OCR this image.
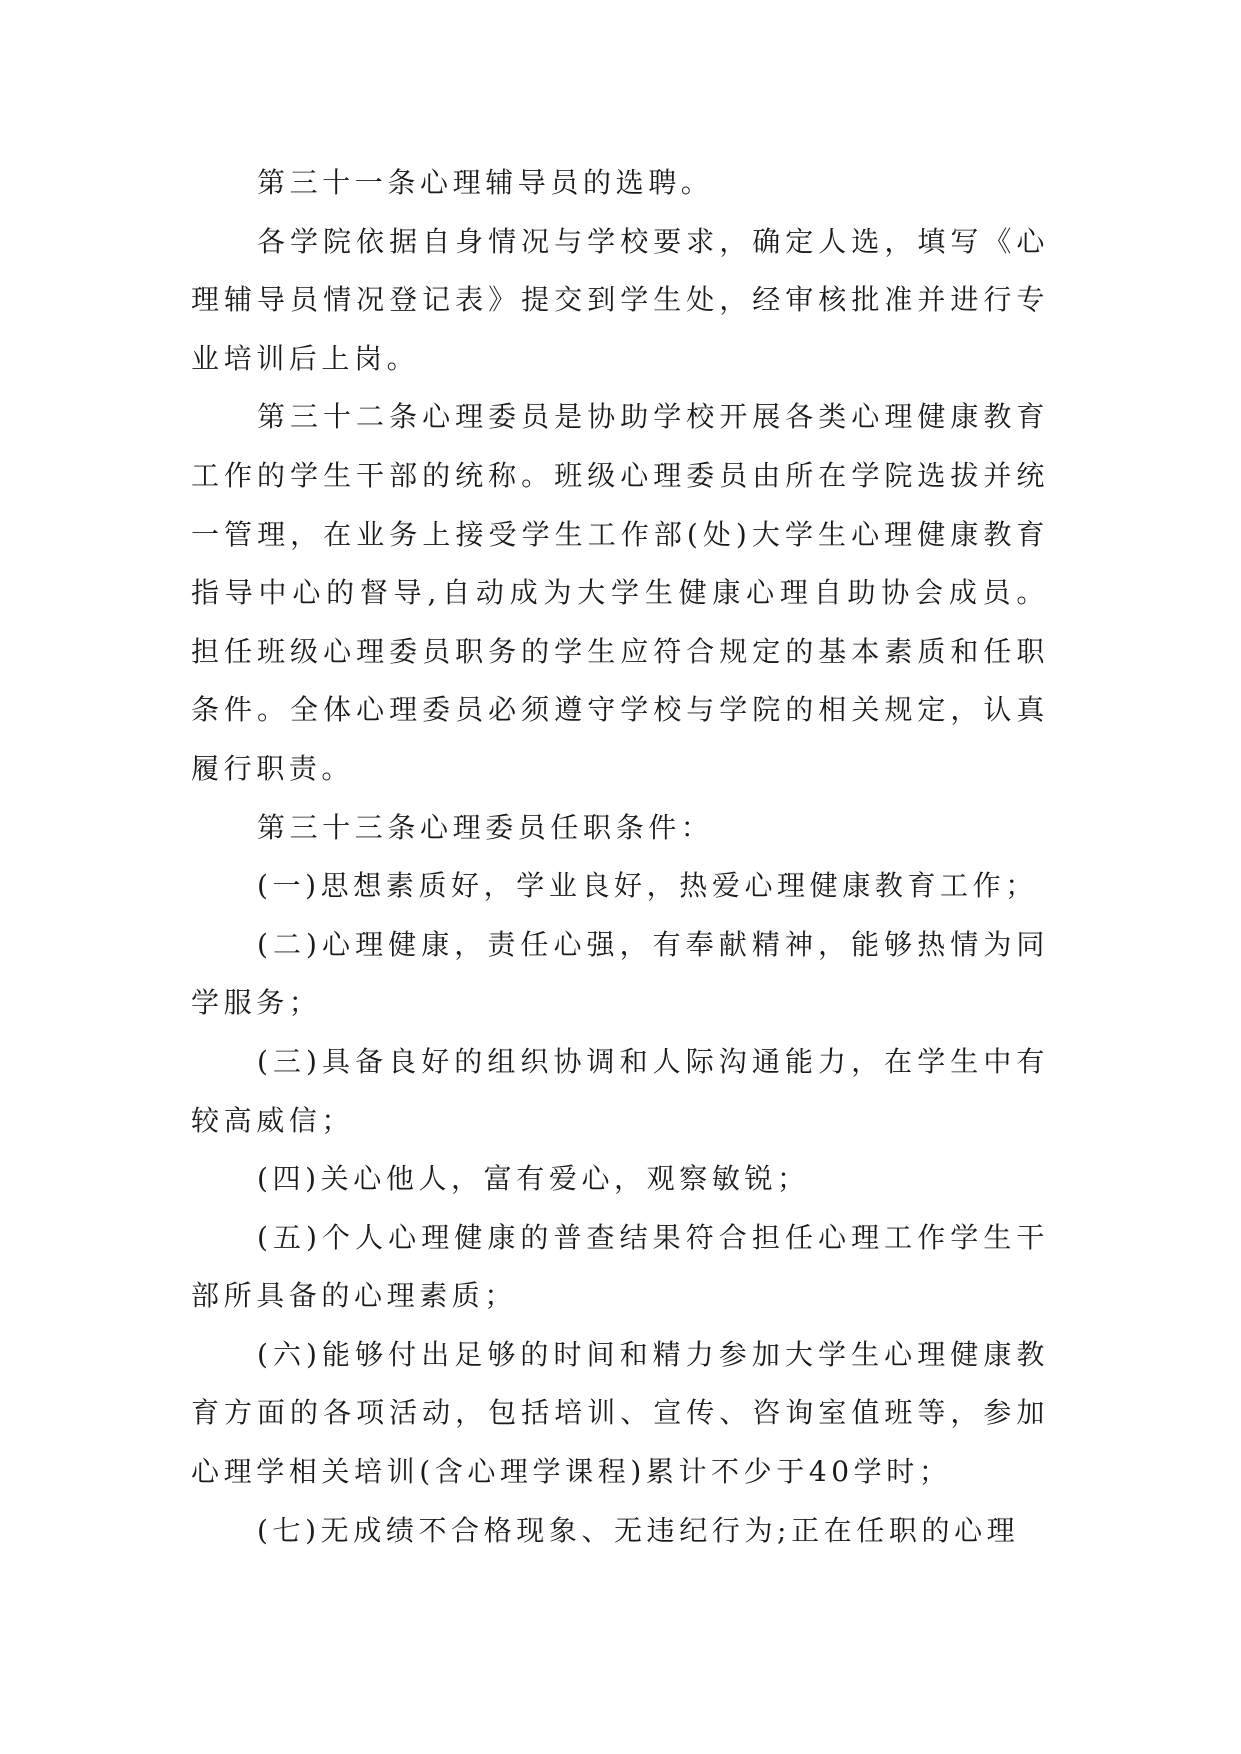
第三十一条心理辅导员的选聘。

各学院依据自身情况与学校要求，确定人选，填写《心理辅导员情况登记表》提交到学生处，经审核批准并进行专业培训后上岗。

第三十二条心理委员是协助学校开展各类心理健康教育工作的学生干部的统称。班级心理委员由所在学院选拔并统一管理，在业务上接受学生工作部(处)大学生心理健康教育指导中心的督导,自动成为大学生健康心理自助协会成员。担任班级心理委员职务的学生应符合规定的基本素质和任职条件。全体心理委员必须遵守学校与学院的相关规定，认真履行职责。

第三十三条心理委员任职条件：

(一)思想素质好，学业良好，热爱心理健康教育工作；

(二)心理健康，责任心强，有奉献精神，能够热情为同学服务；

(三)具备良好的组织协调和人际沟通能力，在学生中有较高威信；

(四)关心他人，富有爱心，观察敏锐；

(五)个人心理健康的普查结果符合担任心理工作学生干部所具备的心理素质；

(六)能够付出足够的时间和精力参加大学生心理健康教育方面的各项活动，包括培训、宣传、咨询室值班等，参加心理学相关培训(含心理学课程)累计不少于40学时；

(七)无成绩不合格现象、无违纪行为;正在任职的心理
